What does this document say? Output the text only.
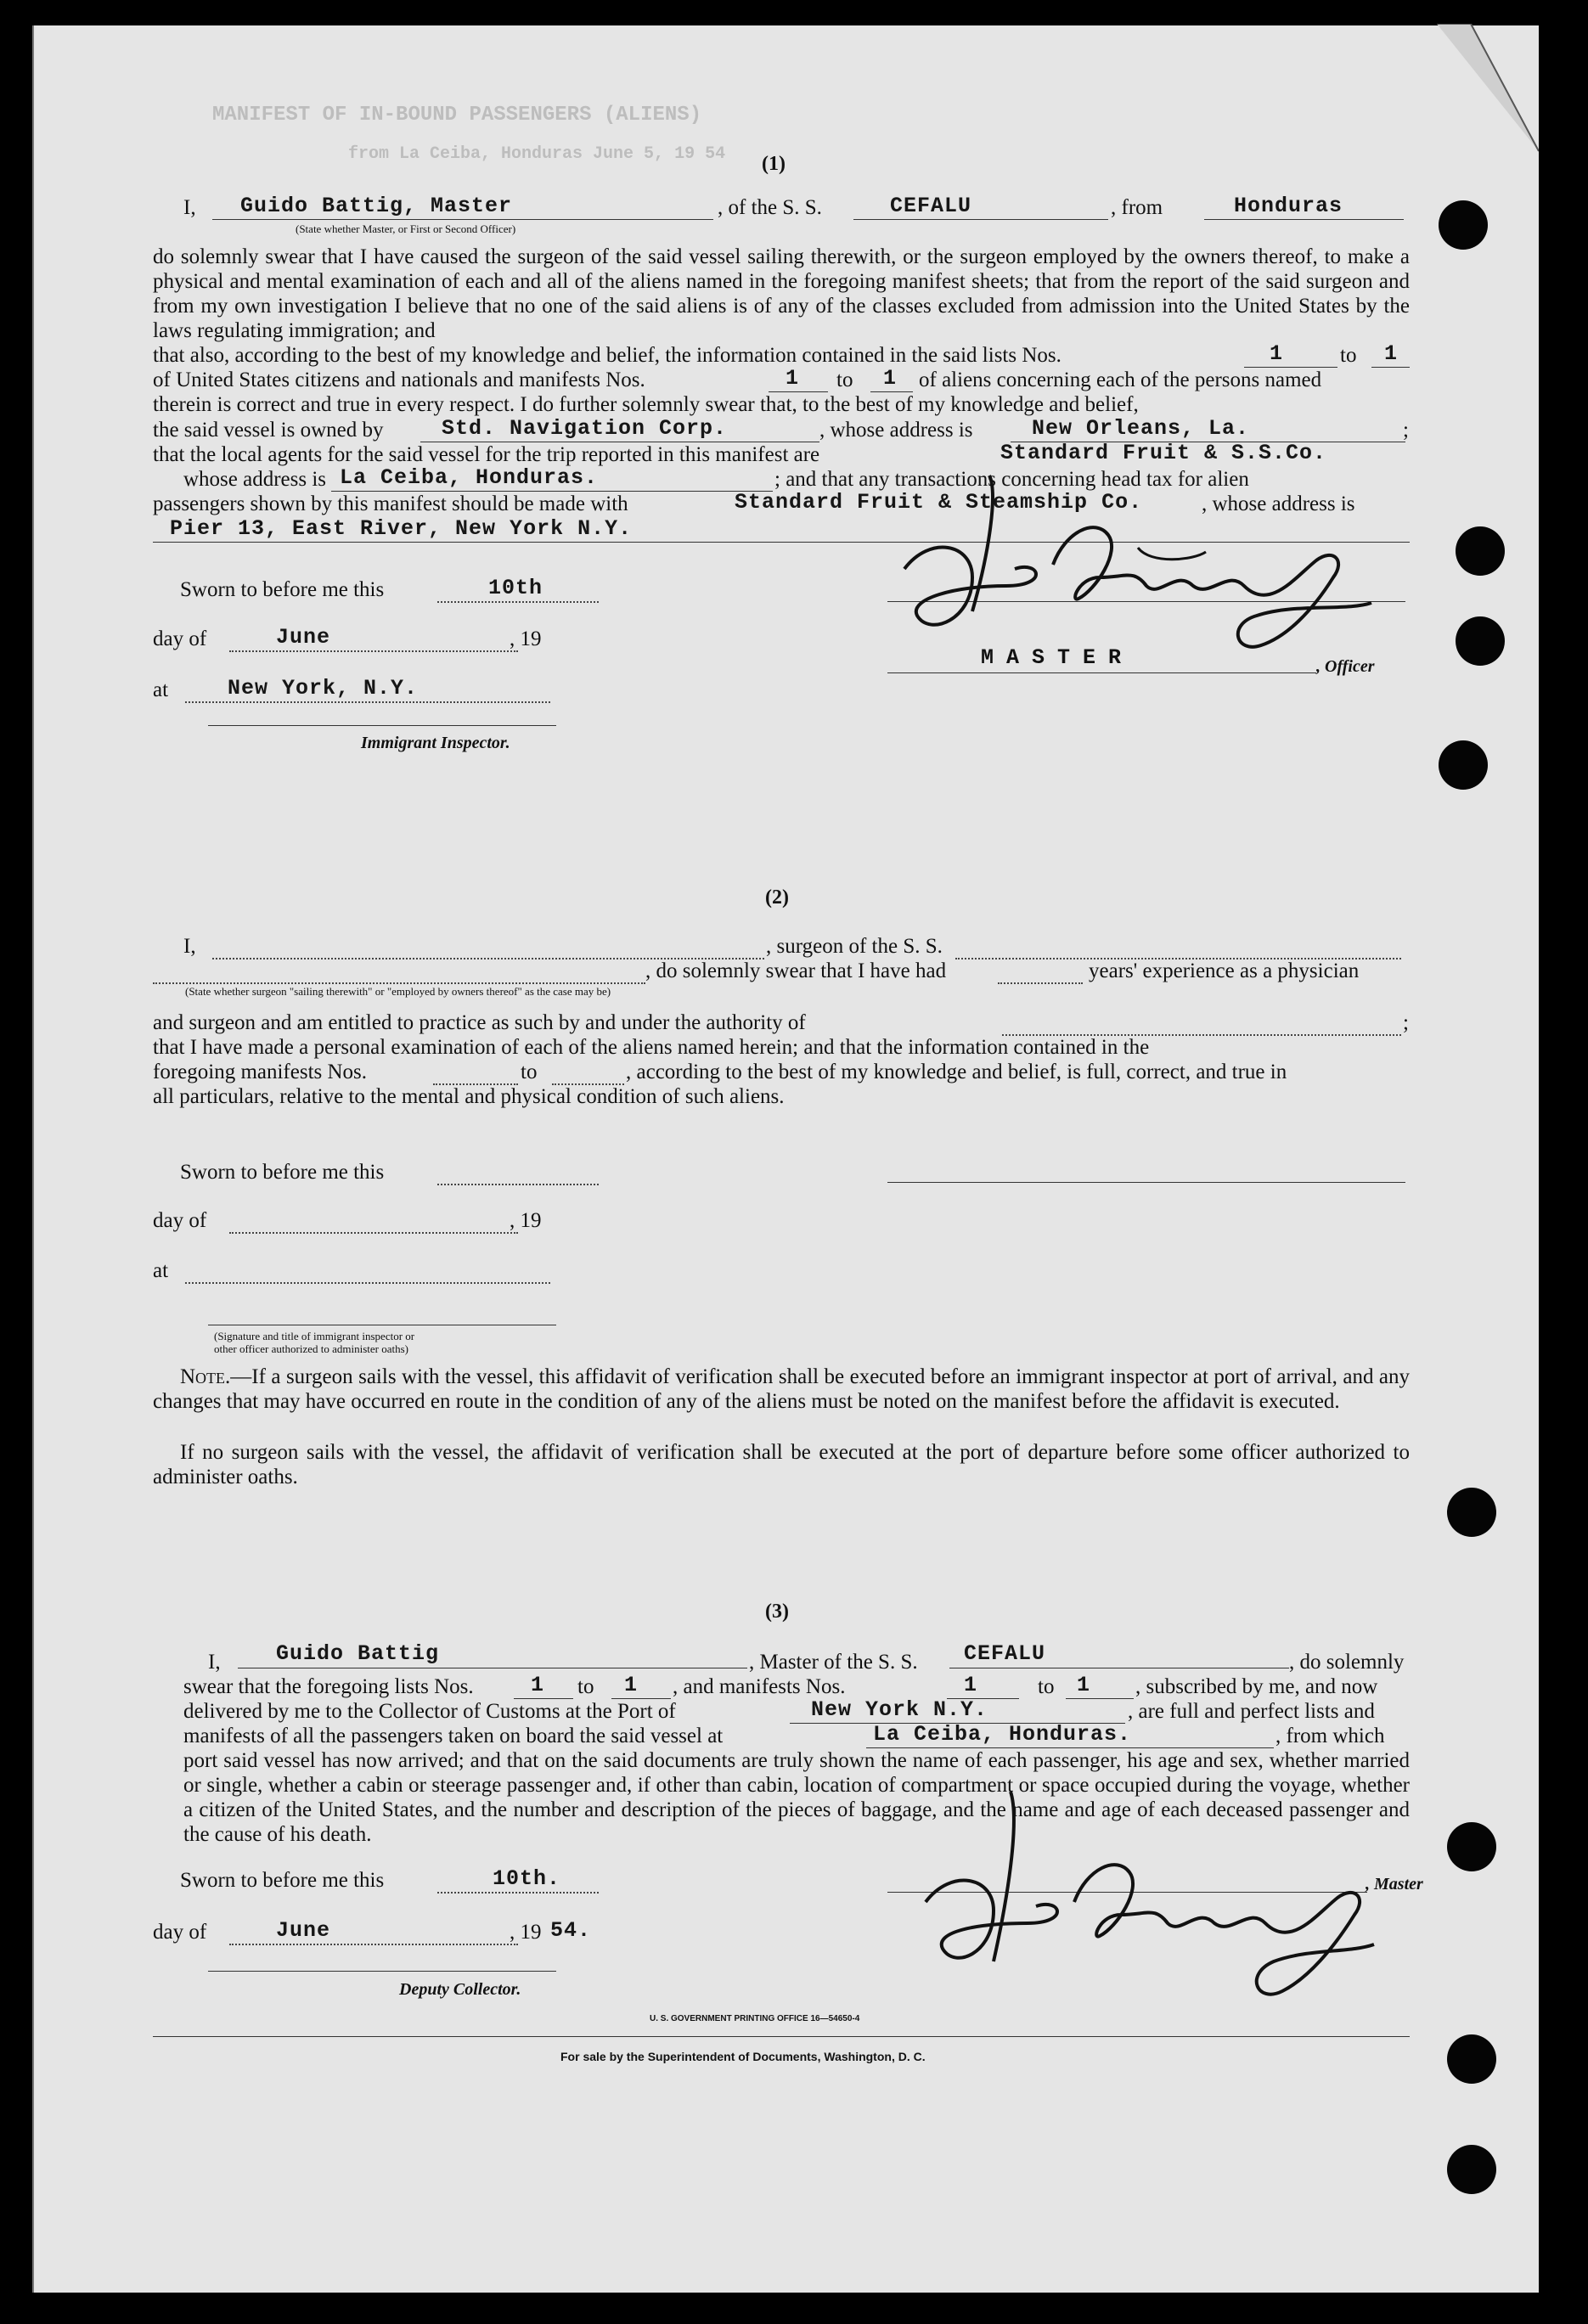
MANIFEST OF IN-BOUND PASSENGERS (ALIENS)
from La Ceiba, Honduras June 5, 19 54 (1)
I, Guido Battig, Master
(State whether Master, or First or Second Officer)
, of the S. S.	CEFALU	, from	Honduras
do solemnly swear that I have caused the surgeon of the said vessel sailing therewith, or the surgeon employed by the owners thereof, to make a physical and mental examination of each and all of the aliens named in the foregoing manifest sheets; that from the report of the said surgeon and from my own investigation I believe that no one of the said aliens is of any of the classes excluded from admission into the United States by the laws regulating immigration; and
that also, according to the best of my knowledge and belief, the information contained in the said lists Nos.	1	to 1
of United States citizens and nationals and manifests Nos.	1 to 1 of aliens concerning each of the persons named
therein is correct and true in every respect. I do further solemnly swear that, to the best of my knowledge and belief,
the said vessel is owned by	Std. Navigation Corp.	, whose address is	New Orleans, La.	;
that the local agents for the said vessel for the trip reported in this manifest are	Standard Fruit & S.S.Co.
whose address is La Ceiba, Honduras.	; and that any transactions concerning head tax for alien
passengers shown by this manifest should be made with	Standard Fruit & Steamship Co.	, whose address is
Pier 13, East River, New York N.Y.
Sworn to before me this	10th
day of	June	, 19
M A S T E R	, Officer
at	New York, N.Y.
Immigrant Inspector.
(2)
I,	, surgeon of the S. S.
, do solemnly swear that I have had	years' experience as a physician
(State whether surgeon "sailing therewith" or "employed by owners thereof" as the case may be)
and surgeon and am entitled to practice as such by and under the authority of	;
that I have made a personal examination of each of the aliens named herein; and that the information contained in the
foregoing manifests Nos.	to	, according to the best of my knowledge and belief, is full, correct, and true in
all particulars, relative to the mental and physical condition of such aliens.
Sworn to before me this
day of	, 19
at
(Signature and title of immigrant inspector or other officer authorized to administer oaths)
Note.—If a surgeon sails with the vessel, this affidavit of verification shall be executed before an immigrant inspector at port of arrival, and any changes that may have occurred en route in the condition of any of the aliens must be noted on the manifest before the affidavit is executed.
If no surgeon sails with the vessel, the affidavit of verification shall be executed at the port of departure before some officer authorized to administer oaths.
(3)
I,	Guido Battig	, Master of the S. S. CEFALU	, do solemnly
swear that the foregoing lists Nos.	1 to 1 , and manifests Nos.	1	to 1 , subscribed by me, and now
delivered by me to the Collector of Customs at the Port of	New York N.Y.	, are full and perfect lists and
manifests of all the passengers taken on board the said vessel at	La Ceiba, Honduras.	, from which
port said vessel has now arrived; and that on the said documents are truly shown the name of each passenger, his age and sex, whether married or single, whether a cabin or steerage passenger and, if other than cabin, location of compartment or space occupied during the voyage, whether a citizen of the United States, and the number and description of the pieces of baggage, and the name and age of each deceased passenger and the cause of his death.
Sworn to before me this	10th.	, Master
day of	June	, 19 54.
Deputy Collector.
U. S. GOVERNMENT PRINTING OFFICE 16—54650-4
For sale by the Superintendent of Documents, Washington, D. C.
